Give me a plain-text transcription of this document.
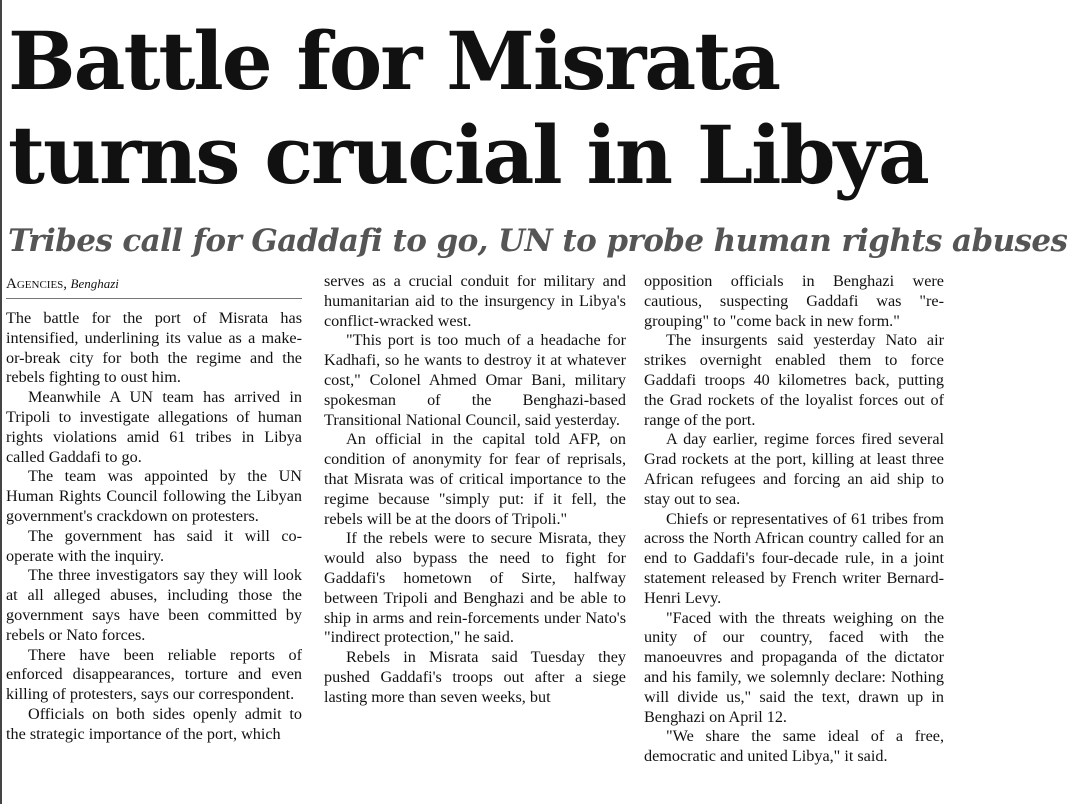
Battle for Misrata turns crucial in Libya
Tribes call for Gaddafi to go, UN to probe human rights abuses
Agencies, Benghazi

The battle for the port of Misrata has intensified, underlining its value as a make-or-break city for both the regime and the rebels fighting to oust him.

Meanwhile A UN team has arrived in Tripoli to investigate allegations of human rights violations amid 61 tribes in Libya called Gaddafi to go.

The team was appointed by the UN Human Rights Council following the Libyan government's crackdown on protesters.

The government has said it will co-operate with the inquiry.

The three investigators say they will look at all alleged abuses, including those the government says have been committed by rebels or Nato forces.

There have been reliable reports of enforced disappearances, torture and even killing of protesters, says our correspondent.

Officials on both sides openly admit to the strategic importance of the port, which

serves as a crucial conduit for military and humanitarian aid to the insurgency in Libya's conflict-wracked west.

"This port is too much of a headache for Kadhafi, so he wants to destroy it at whatever cost," Colonel Ahmed Omar Bani, military spokesman of the Benghazi-based Transitional National Council, said yesterday.

An official in the capital told AFP, on condition of anonymity for fear of reprisals, that Misrata was of critical importance to the regime because "simply put: if it fell, the rebels will be at the doors of Tripoli."

If the rebels were to secure Misrata, they would also bypass the need to fight for Gaddafi's hometown of Sirte, halfway between Tripoli and Benghazi and be able to ship in arms and rein-forcements under Nato's "indirect protection," he said.

Rebels in Misrata said Tuesday they pushed Gaddafi's troops out after a siege lasting more than seven weeks, but

opposition officials in Benghazi were cautious, suspecting Gaddafi was "re-grouping" to "come back in new form."

The insurgents said yesterday Nato air strikes overnight enabled them to force Gaddafi troops 40 kilometres back, putting the Grad rockets of the loyalist forces out of range of the port.

A day earlier, regime forces fired several Grad rockets at the port, killing at least three African refugees and forcing an aid ship to stay out to sea.

Chiefs or representatives of 61 tribes from across the North African country called for an end to Gaddafi's four-decade rule, in a joint statement released by French writer Bernard-Henri Levy.

"Faced with the threats weighing on the unity of our country, faced with the manoeuvres and propaganda of the dictator and his family, we solemnly declare: Nothing will divide us," said the text, drawn up in Benghazi on April 12.

"We share the same ideal of a free, democratic and united Libya," it said.
